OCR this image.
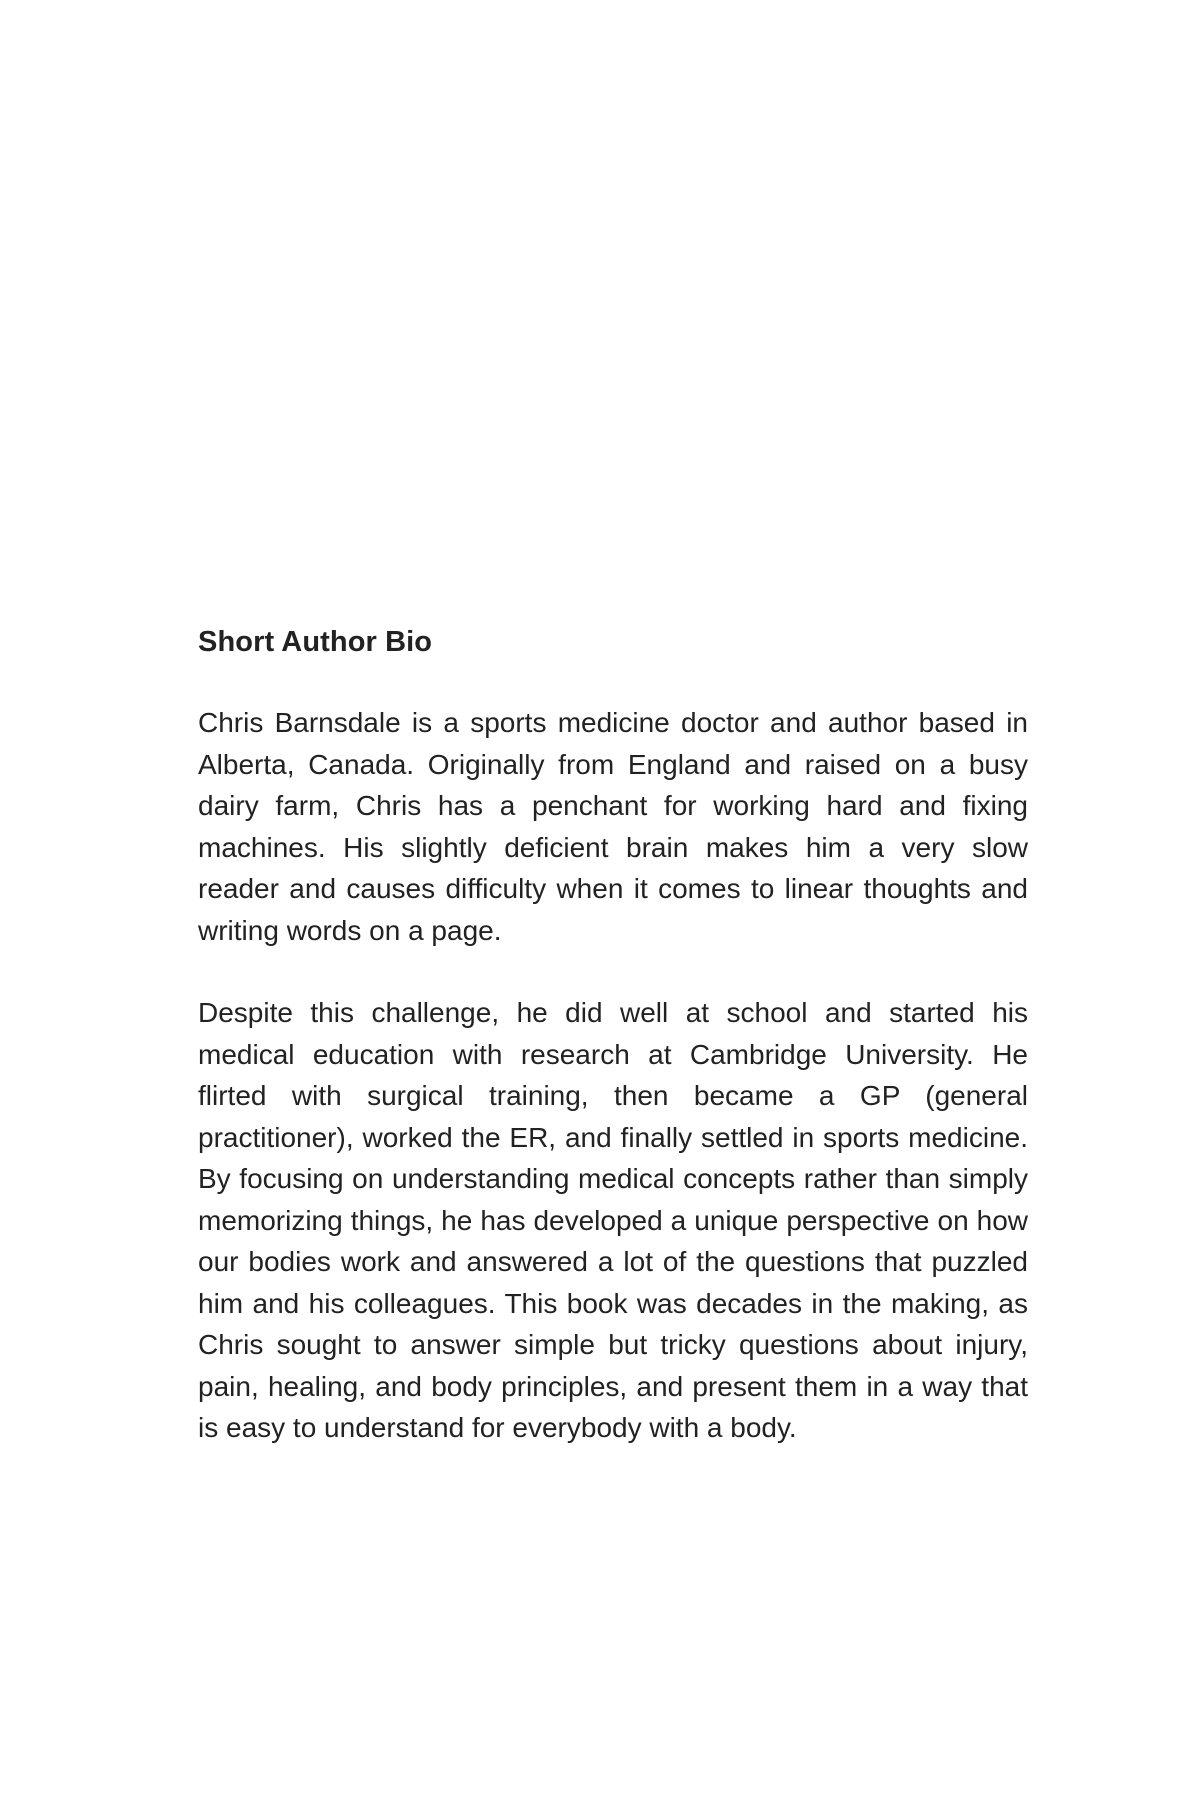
Short Author Bio

Chris Barnsdale is a sports medicine doctor and author based in Alberta, Canada. Originally from England and raised on a busy dairy farm, Chris has a penchant for working hard and fixing machines. His slightly deficient brain makes him a very slow reader and causes difficulty when it comes to linear thoughts and writing words on a page.

Despite this challenge, he did well at school and started his medical education with research at Cambridge University. He flirted with surgical training, then became a GP (general practitioner), worked the ER, and finally settled in sports medicine. By focusing on understanding medical concepts rather than simply memorizing things, he has developed a unique perspective on how our bodies work and answered a lot of the questions that puzzled him and his colleagues. This book was decades in the making, as Chris sought to answer simple but tricky questions about injury, pain, healing, and body principles, and present them in a way that is easy to understand for everybody with a body.
